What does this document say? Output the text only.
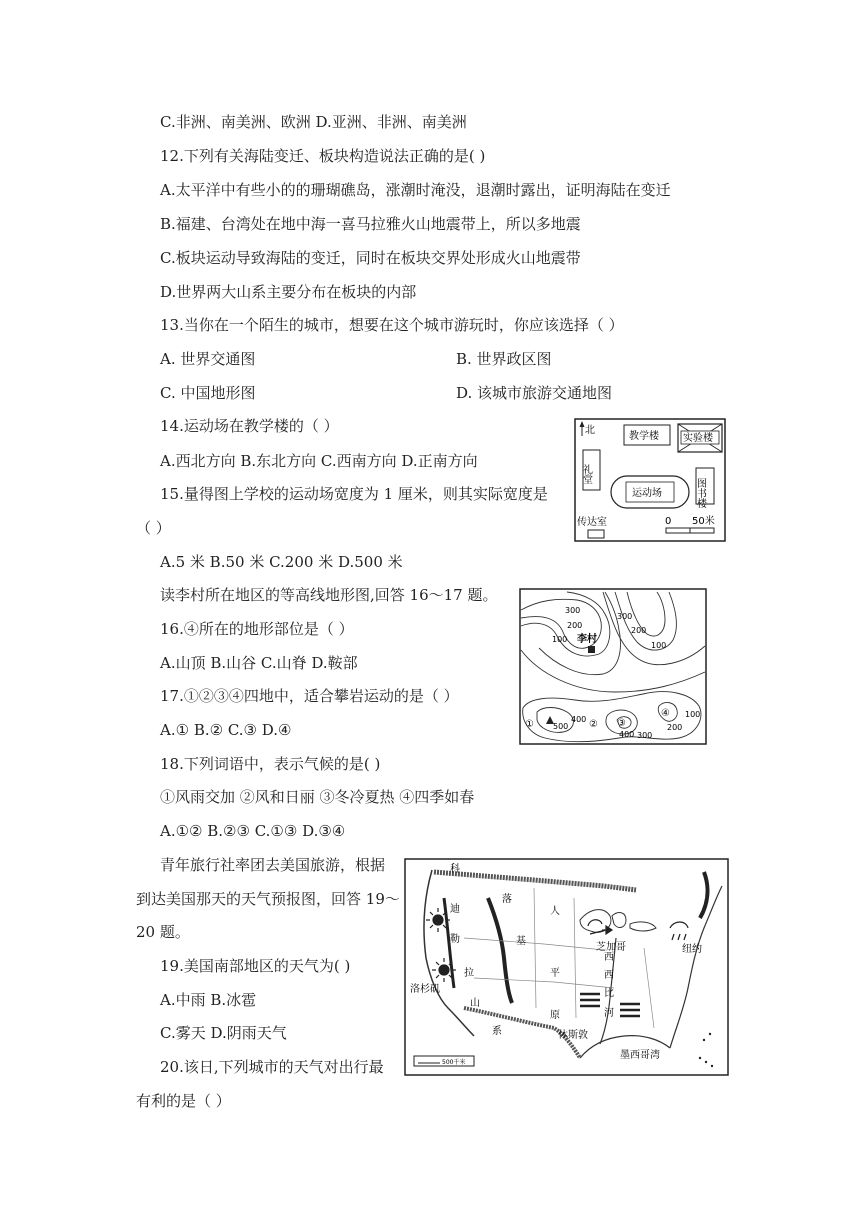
C.非洲、南美洲、欧洲 D.亚洲、非洲、南美洲
12.下列有关海陆变迁、板块构造说法正确的是( )
A.太平洋中有些小的的珊瑚礁岛，涨潮时淹没，退潮时露出，证明海陆在变迁
B.福建、台湾处在地中海一喜马拉雅火山地震带上，所以多地震
C.板块运动导致海陆的变迁，同时在板块交界处形成火山地震带
D.世界两大山系主要分布在板块的内部
13.当你在一个陌生的城市，想要在这个城市游玩时，你应该选择（ ）
A. 世界交通图	B. 世界政区图
C. 中国地形图	D. 该城市旅游交通地图
14.运动场在教学楼的（ ）
A.西北方向 B.东北方向 C.西南方向 D.正南方向
15.量得图上学校的运动场宽度为 1 厘米，则其实际宽度是
（ ）
A.5 米 B.50 米 C.200 米 D.500 米
读李村所在地区的等高线地形图,回答 16～17 题。
16.④所在的地形部位是（ ）
A.山顶 B.山谷 C.山脊 D.鞍部
17.①②③④四地中，适合攀岩运动的是（ ）
A.① B.② C.③ D.④
18.下列词语中，表示气候的是( )
①风雨交加 ②风和日丽 ③冬冷夏热 ④四季如春
A.①② B.②③ C.①③ D.③④
青年旅行社率团去美国旅游，根据
到达美国那天的天气预报图，回答 19～
20 题。
19.美国南部地区的天气为( )
A.中雨 B.冰雹
C.雾天 D.阴雨天气
20.该日,下列城市的天气对出行最
有利的是（ ）
北
教学楼 实验楼
礼堂
运动场	图书楼
传达室	0 50米
李村
300
200
100
300
200
100
① 500
400 ② ③
400 300
④
200
100
科
迪
勒
拉
山
系
落
基
人
平
原
西
西
比
河
洛杉矶
芝加哥	纽约
休斯敦
墨西哥湾
500千米
